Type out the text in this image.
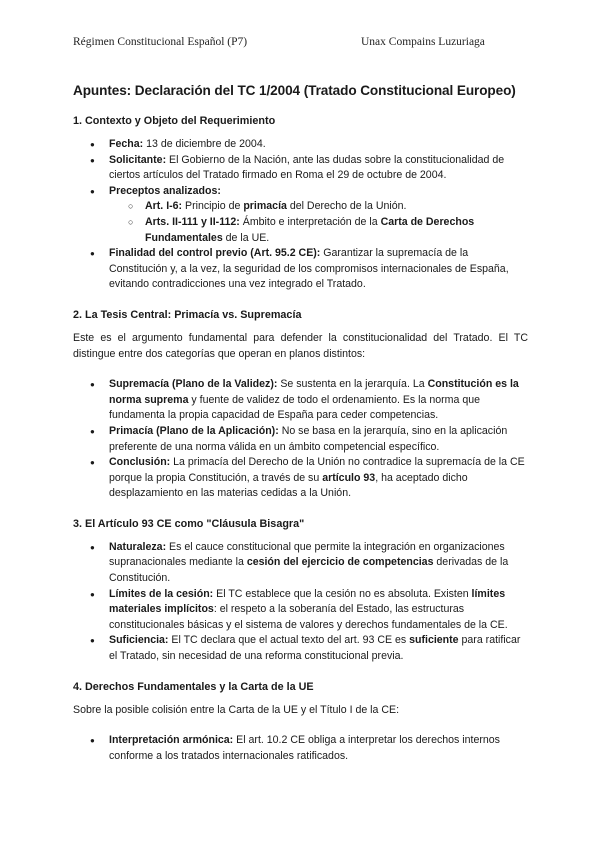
Régimen Constitucional Español (P7)	Unax Compains Luzuriaga
Apuntes: Declaración del TC 1/2004 (Tratado Constitucional Europeo)
1. Contexto y Objeto del Requerimiento
● Fecha: 13 de diciembre de 2004.
● Solicitante: El Gobierno de la Nación, ante las dudas sobre la constitucionalidad de ciertos artículos del Tratado firmado en Roma el 29 de octubre de 2004.
● Preceptos analizados:
○ Art. I-6: Principio de primacía del Derecho de la Unión.
○ Arts. II-111 y II-112: Ámbito e interpretación de la Carta de Derechos Fundamentales de la UE.
● Finalidad del control previo (Art. 95.2 CE): Garantizar la supremacía de la Constitución y, a la vez, la seguridad de los compromisos internacionales de España, evitando contradicciones una vez integrado el Tratado.
2. La Tesis Central: Primacía vs. Supremacía

Este es el argumento fundamental para defender la constitucionalidad del Tratado. El TC distingue entre dos categorías que operan en planos distintos:

● Supremacía (Plano de la Validez): Se sustenta en la jerarquía. La Constitución es la norma suprema y fuente de validez de todo el ordenamiento. Es la norma que fundamenta la propia capacidad de España para ceder competencias.
● Primacía (Plano de la Aplicación): No se basa en la jerarquía, sino en la aplicación preferente de una norma válida en un ámbito competencial específico.
● Conclusión: La primacía del Derecho de la Unión no contradice la supremacía de la CE porque la propia Constitución, a través de su artículo 93, ha aceptado dicho desplazamiento en las materias cedidas a la Unión.
3. El Artículo 93 CE como "Cláusula Bisagra"
● Naturaleza: Es el cauce constitucional que permite la integración en organizaciones supranacionales mediante la cesión del ejercicio de competencias derivadas de la Constitución.
● Límites de la cesión: El TC establece que la cesión no es absoluta. Existen límites materiales implícitos: el respeto a la soberanía del Estado, las estructuras constitucionales básicas y el sistema de valores y derechos fundamentales de la CE.
● Suficiencia: El TC declara que el actual texto del art. 93 CE es suficiente para ratificar el Tratado, sin necesidad de una reforma constitucional previa.
4. Derechos Fundamentales y la Carta de la UE

Sobre la posible colisión entre la Carta de la UE y el Título I de la CE:

● Interpretación armónica: El art. 10.2 CE obliga a interpretar los derechos internos conforme a los tratados internacionales ratificados.
